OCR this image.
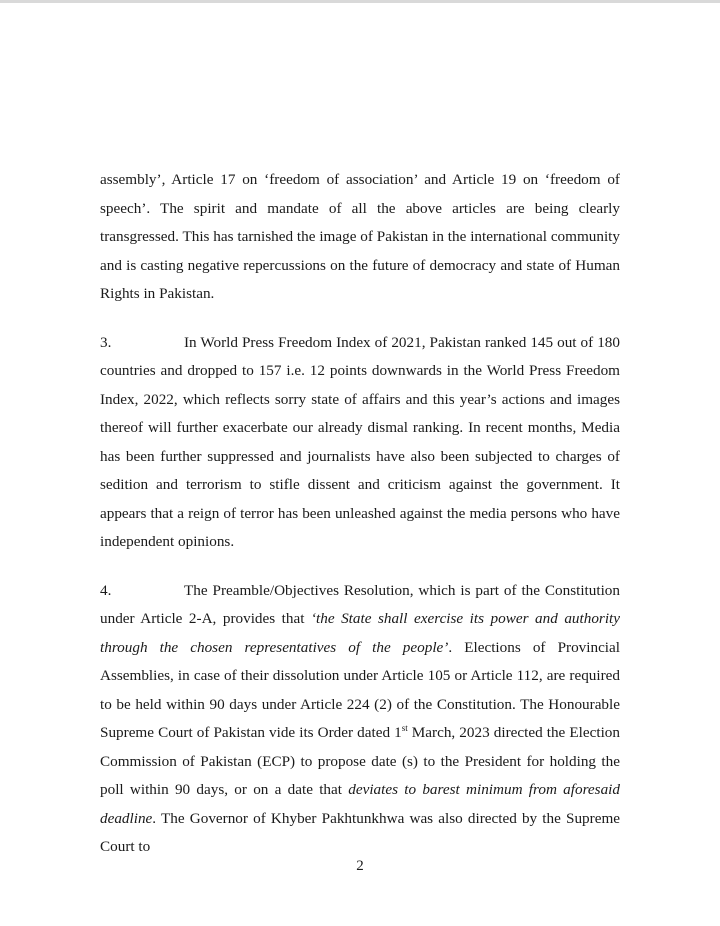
assembly’, Article 17 on ‘freedom of association’ and Article 19 on ‘freedom of speech’. The spirit and mandate of all the above articles are being clearly transgressed. This has tarnished the image of Pakistan in the international community and is casting negative repercussions on the future of democracy and state of Human Rights in Pakistan.

3.	In World Press Freedom Index of 2021, Pakistan ranked 145 out of 180 countries and dropped to 157 i.e. 12 points downwards in the World Press Freedom Index, 2022, which reflects sorry state of affairs and this year’s actions and images thereof will further exacerbate our already dismal ranking. In recent months, Media has been further suppressed and journalists have also been subjected to charges of sedition and terrorism to stifle dissent and criticism against the government. It appears that a reign of terror has been unleashed against the media persons who have independent opinions.

4.	The Preamble/Objectives Resolution, which is part of the Constitution under Article 2-A, provides that ‘the State shall exercise its power and authority through the chosen representatives of the people’. Elections of Provincial Assemblies, in case of their dissolution under Article 105 or Article 112, are required to be held within 90 days under Article 224 (2) of the Constitution. The Honourable Supreme Court of Pakistan vide its Order dated 1st March, 2023 directed the Election Commission of Pakistan (ECP) to propose date (s) to the President for holding the poll within 90 days, or on a date that deviates to barest minimum from aforesaid deadline. The Governor of Khyber Pakhtunkhwa was also directed by the Supreme Court to

2
